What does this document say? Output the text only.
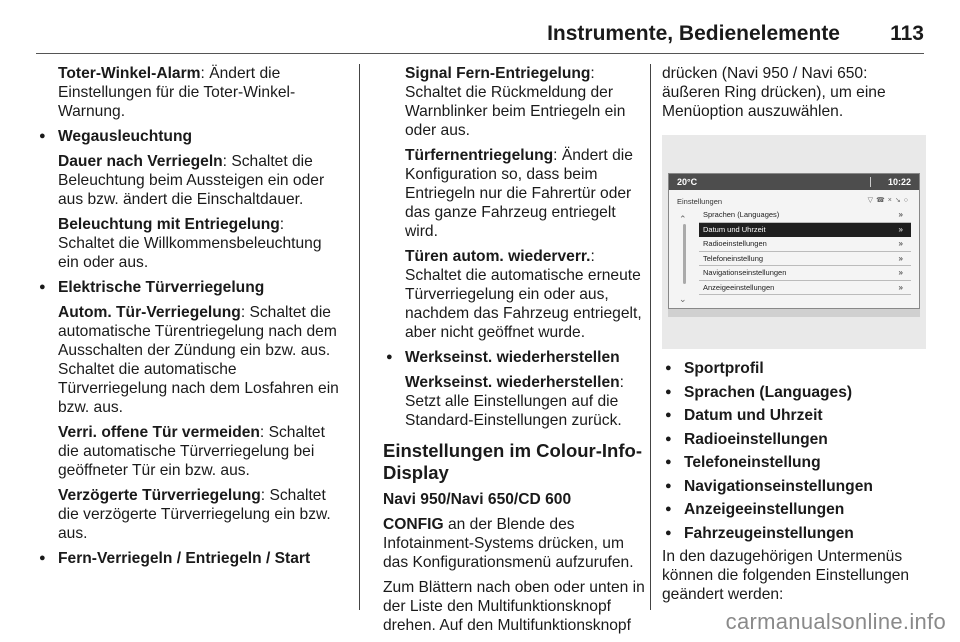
Instrumente, Bedienelemente 113

Toter-Winkel-Alarm: Ändert die Einstellungen für die Toter-Winkel-Warnung.

● Wegausleuchtung

Dauer nach Verriegeln: Schaltet die Beleuchtung beim Aussteigen ein oder aus bzw. ändert die Einschaltdauer.

Beleuchtung mit Entriegelung: Schaltet die Willkommensbeleuchtung ein oder aus.

● Elektrische Türverriegelung

Autom. Tür-Verriegelung: Schaltet die automatische Türentriegelung nach dem Ausschalten der Zündung ein bzw. aus. Schaltet die automatische Türverriegelung nach dem Losfahren ein bzw. aus.

Verri. offene Tür vermeiden: Schaltet die automatische Türverriegelung bei geöffneter Tür ein bzw. aus.

Verzögerte Türverriegelung: Schaltet die verzögerte Türverriegelung ein bzw. aus.

● Fern-Verriegeln / Entriegeln / Start

Signal Fern-Entriegelung: Schaltet die Rückmeldung der Warnblinker beim Entriegeln ein oder aus.

Türfernentriegelung: Ändert die Konfiguration so, dass beim Entriegeln nur die Fahrertür oder das ganze Fahrzeug entriegelt wird.

Türen autom. wiederverr.: Schaltet die automatische erneute Türverriegelung ein oder aus, nachdem das Fahrzeug entriegelt, aber nicht geöffnet wurde.

● Werkseinst. wiederherstellen

Werkseinst. wiederherstellen: Setzt alle Einstellungen auf die Standard-Einstellungen zurück.

Einstellungen im Colour-Info-Display

Navi 950/Navi 650/CD 600

CONFIG an der Blende des Infotainment-Systems drücken, um das Konfigurationsmenü aufzurufen.

Zum Blättern nach oben oder unten in der Liste den Multifunktionsknopf drehen. Auf den Multifunktionsknopf

drücken (Navi 950 / Navi 650: äußeren Ring drücken), um eine Menüoption auszuwählen.

20°C	10:22
Einstellungen	▽☎×↘○
⌃
⌄
Sprachen (Languages)	»
Datum und Uhrzeit	»
Radioeinstellungen	»
Telefoneinstellung	»
Navigationseinstellungen	»
Anzeigeeinstellungen	»

● Sportprofil

● Sprachen (Languages)

● Datum und Uhrzeit

● Radioeinstellungen

● Telefoneinstellung

● Navigationseinstellungen

● Anzeigeeinstellungen

● Fahrzeugeinstellungen

In den dazugehörigen Untermenüs können die folgenden Einstellungen geändert werden:

carmanualsonline.info
